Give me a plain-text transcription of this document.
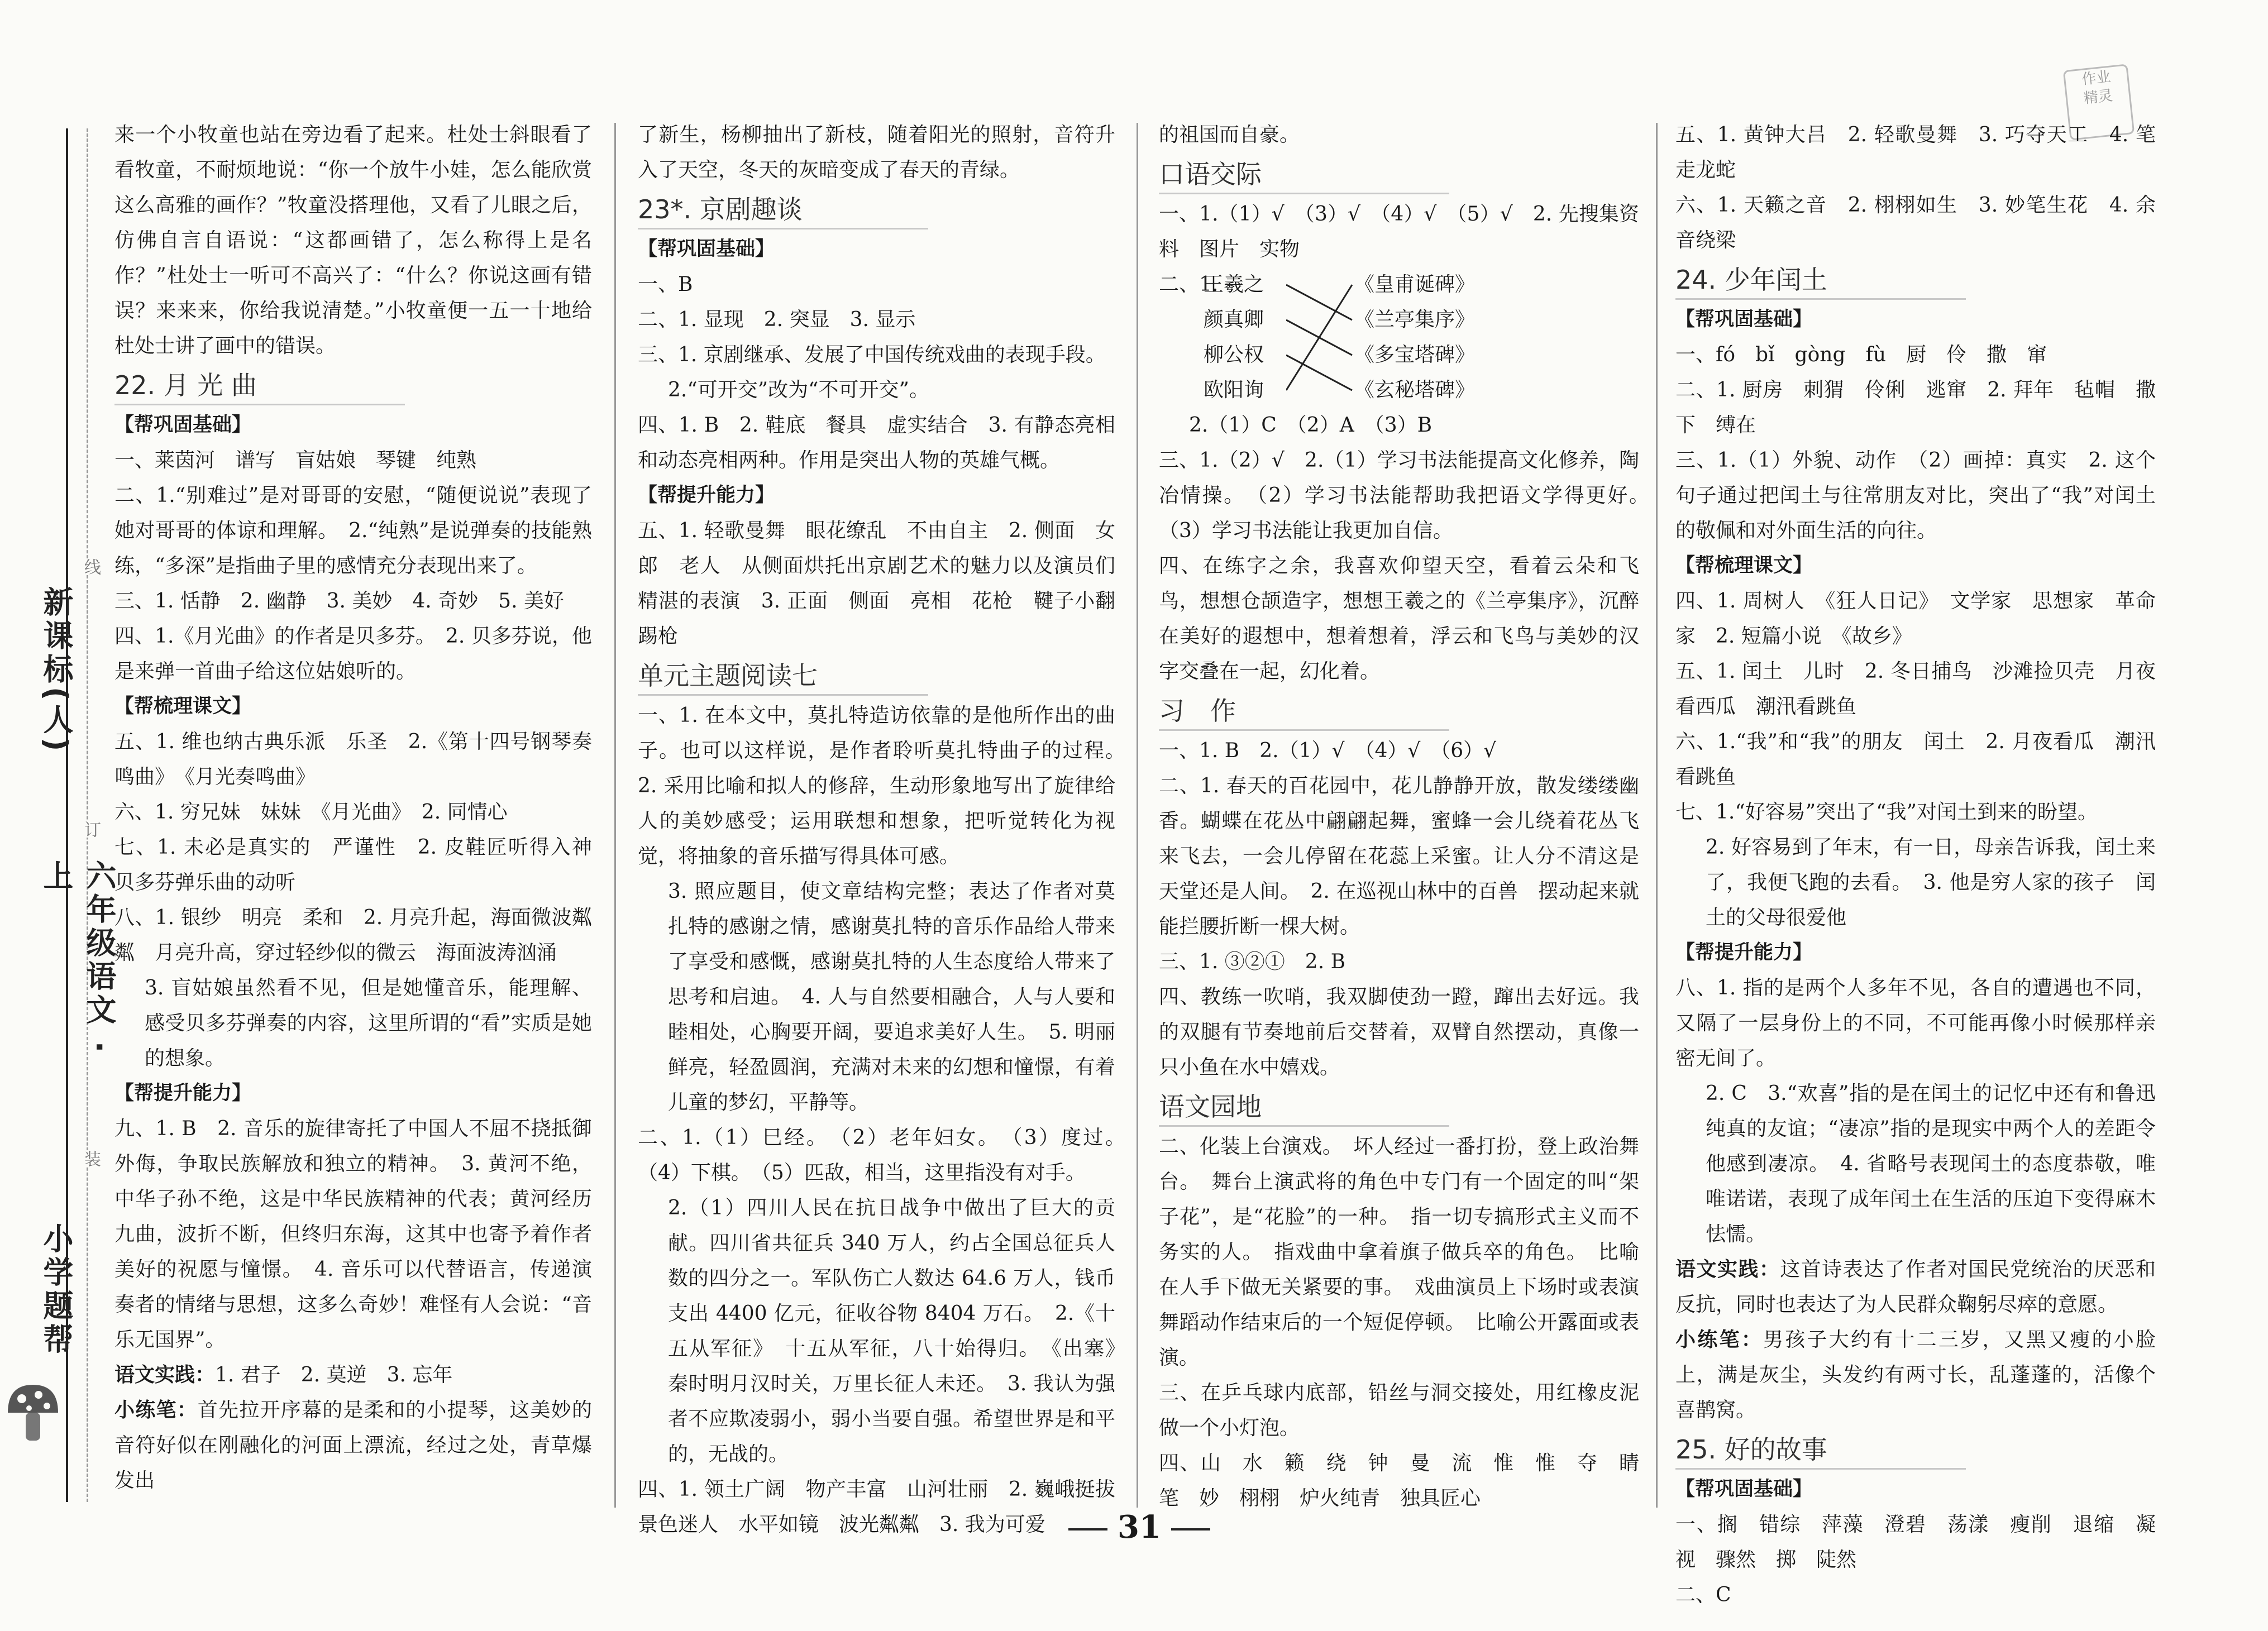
小学题帮
六年级语文 · 上
新课标(人)
装
订
线
作业
精灵

来一个小牧童也站在旁边看了起来。杜处士斜眼看了看牧童，不耐烦地说：“你一个放牛小娃，怎么能欣赏这么高雅的画作？”牧童没搭理他，又看了儿眼之后，仿佛自言自语说：“这都画错了，怎么称得上是名作？”杜处士一听可不高兴了：“什么？你说这画有错误？来来来，你给我说清楚。”小牧童便一五一十地给杜处士讲了画中的错误。

22. 月 光 曲

【帮巩固基础】

一、莱茵河　谱写　盲姑娘　琴键　纯熟

二、1.“别难过”是对哥哥的安慰，“随便说说”表现了她对哥哥的体谅和理解。　2.“纯熟”是说弹奏的技能熟练，“多深”是指曲子里的感情充分表现出来了。

三、1. 恬静　2. 幽静　3. 美妙　4. 奇妙　5. 美好

四、1.《月光曲》的作者是贝多芬。　2. 贝多芬说，他是来弹一首曲子给这位姑娘听的。

【帮梳理课文】

五、1. 维也纳古典乐派　乐圣　2.《第十四号钢琴奏鸣曲》　《月光奏鸣曲》

六、1. 穷兄妹　妹妹　《月光曲》　2. 同情心

七、1. 未必是真实的　严谨性　2. 皮鞋匠听得入神　贝多芬弹乐曲的动听

八、1. 银纱　明亮　柔和　2. 月亮升起，海面微波粼粼　月亮升高，穿过轻纱似的微云　海面波涛汹涌

3. 盲姑娘虽然看不见，但是她懂音乐，能理解、感受贝多芬弹奏的内容，这里所谓的“看”实质是她的想象。

【帮提升能力】

九、1. B　2. 音乐的旋律寄托了中国人不屈不挠抵御外侮，争取民族解放和独立的精神。　3. 黄河不绝，中华子孙不绝，这是中华民族精神的代表；黄河经历九曲，波折不断，但终归东海，这其中也寄予着作者美好的祝愿与憧憬。　4. 音乐可以代替语言，传递演奏者的情绪与思想，这多么奇妙！难怪有人会说：“音乐无国界”。

语文实践：1. 君子　2. 莫逆　3. 忘年

小练笔：首先拉开序幕的是柔和的小提琴，这美妙的音符好似在刚融化的河面上漂流，经过之处，青草爆发出

了新生，杨柳抽出了新枝，随着阳光的照射，音符升入了天空，冬天的灰暗变成了春天的青绿。

23*. 京剧趣谈

【帮巩固基础】

一、B

二、1. 显现　2. 突显　3. 显示

三、1. 京剧继承、发展了中国传统戏曲的表现手段。

2.“可开交”改为“不可开交”。

四、1. B　2. 鞋底　餐具　虚实结合　3. 有静态亮相和动态亮相两种。作用是突出人物的英雄气概。

【帮提升能力】

五、1. 轻歌曼舞　眼花缭乱　不由自主　2. 侧面　女郎　老人　从侧面烘托出京剧艺术的魅力以及演员们精湛的表演　3. 正面　侧面　亮相　花枪　鞬子小翻　踢枪

单元主题阅读七

一、1. 在本文中，莫扎特造访依靠的是他所作出的曲子。也可以这样说，是作者聆听莫扎特曲子的过程。　2. 采用比喻和拟人的修辞，生动形象地写出了旋律给人的美妙感受；运用联想和想象，把听觉转化为视觉，将抽象的音乐描写得具体可感。

3. 照应题目，使文章结构完整；表达了作者对莫扎特的感谢之情，感谢莫扎特的音乐作品给人带来了享受和感慨，感谢莫扎特的人生态度给人带来了思考和启迪。　4. 人与自然要相融合，人与人要和睦相处，心胸要开阔，要追求美好人生。　5. 明丽鲜亮，轻盈圆润，充满对未来的幻想和憧憬，有着儿童的梦幻，平静等。

二、1.（1）巳经。　（2）老年妇女。　（3）度过。　（4）下棋。　（5）匹敌，相当，这里指没有对手。

2.（1）四川人民在抗日战争中做出了巨大的贡献。四川省共征兵 340 万人，约占全国总征兵人数的四分之一。军队伤亡人数达 64.6 万人，钱币支出 4400 亿元，征收谷物 8404 万石。　2.《十五从军征》　十五从军征，八十始得归。　《出塞》　秦时明月汉时关，万里长征人未还。　3. 我认为强者不应欺凌弱小，弱小当要自强。希望世界是和平的，无战的。

四、1. 领土广阔　物产丰富　山河壮丽　2. 巍峨挺拔　景色迷人　水平如镜　波光粼粼　3. 我为可爱

的祖国而自豪。

口语交际

一、1.（1）√　（3）√　（4）√　（5）√　2. 先搜集资料　图片　实物

二、1.
王羲之
颜真卿
柳公权
欧阳询
《皇甫诞碑》
《兰亭集序》
《多宝塔碑》
《玄秘塔碑》

2.（1）C　（2）A　（3）B

三、1.（2）√　2.（1）学习书法能提高文化修养，陶冶情操。　（2）学习书法能帮助我把语文学得更好。　（3）学习书法能让我更加自信。

四、在练字之余，我喜欢仰望天空，看着云朵和飞鸟，想想仓颉造字，想想王羲之的《兰亭集序》，沉醉在美好的遐想中，想着想着，浮云和飞鸟与美妙的汉字交叠在一起，幻化着。

习　作

一、1. B　2.（1）√　（4）√　（6）√

二、1. 春天的百花园中，花儿静静开放，散发缕缕幽香。蝴蝶在花丛中翩翩起舞，蜜蜂一会儿绕着花丛飞来飞去，一会儿停留在花蕊上采蜜。让人分不清这是天堂还是人间。　2. 在巡视山林中的百兽　摆动起来就能拦腰折断一棵大树。

三、1. ③②①　2. B

四、教练一吹哨，我双脚使劲一蹬，蹿出去好远。我的双腿有节奏地前后交替着，双臂自然摆动，真像一只小鱼在水中嬉戏。

语文园地

二、化装上台演戏。　坏人经过一番打扮，登上政治舞台。　舞台上演武将的角色中专门有一个固定的叫“架子花”，是“花脸”的一种。　指一切专搞形式主义而不务实的人。　指戏曲中拿着旗子做兵卒的角色。　比喻在人手下做无关紧要的事。　戏曲演员上下场时或表演舞蹈动作结束后的一个短促停顿。　比喻公开露面或表演。

三、在乒乓球内底部，铅丝与洞交接处，用红橡皮泥做一个小灯泡。

四、山　水　籁　绕　钟　曼　流　惟　惟　夺　睛　笔　妙　栩栩　炉火纯青　独具匠心

五、1. 黄钟大吕　2. 轻歌曼舞　3. 巧夺天工　4. 笔走龙蛇

六、1. 天籁之音　2. 栩栩如生　3. 妙笔生花　4. 余音绕梁

24. 少年闰土

【帮巩固基础】

一、fó　bǐ　gòng　fù　厨　伶　撒　窜

二、1. 厨房　刺猬　伶俐　逃窜　2. 拜年　毡帽　撒下　缚在

三、1.（1）外貌、动作　（2）画掉：真实　2. 这个句子通过把闰土与往常朋友对比，突出了“我”对闰土的敬佩和对外面生活的向往。

【帮梳理课文】

四、1. 周树人　《狂人日记》　文学家　思想家　革命家　2. 短篇小说　《故乡》

五、1. 闰土　儿时　2. 冬日捕鸟　沙滩捡贝壳　月夜看西瓜　潮汛看跳鱼

六、1.“我”和“我”的朋友　闰土　2. 月夜看瓜　潮汛看跳鱼

七、1.“好容易”突出了“我”对闰土到来的盼望。

2. 好容易到了年末，有一日，母亲告诉我，闰土来了，我便飞跑的去看。　3. 他是穷人家的孩子　闰土的父母很爱他

【帮提升能力】

八、1. 指的是两个人多年不见，各自的遭遇也不同，又隔了一层身份上的不同，不可能再像小时候那样亲密无间了。

2. C　3.“欢喜”指的是在闰土的记忆中还有和鲁迅纯真的友谊；“凄凉”指的是现实中两个人的差距令他感到凄凉。　4. 省略号表现闰土的态度恭敬，唯唯诺诺，表现了成年闰土在生活的压迫下变得麻木怯懦。

语文实践：这首诗表达了作者对国民党统治的厌恶和反抗，同时也表达了为人民群众鞠躬尽瘁的意愿。

小练笔：男孩子大约有十二三岁，又黑又瘦的小脸上，满是灰尘，头发约有两寸长，乱蓬蓬的，活像个喜鹊窝。

25. 好的故事

【帮巩固基础】

一、搁　错综　萍藻　澄碧　荡漾　瘦削　退缩　凝视　骤然　掷　陡然

二、C

31
